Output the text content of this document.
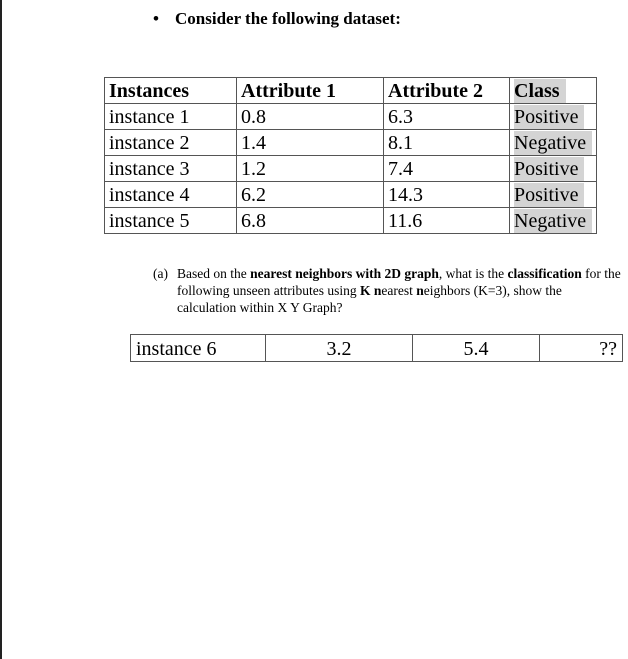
• Consider the following dataset:
Instances	Attribute 1	Attribute 2	Class
instance 1	0.8	6.3	Positive
instance 2	1.4	8.1	Negative
instance 3	1.2	7.4	Positive
instance 4	6.2	14.3	Positive
instance 5	6.8	11.6	Negative
(a) Based on the nearest neighbors with 2D graph, what is the classification for the following unseen attributes using K nearest neighbors (K=3), show the calculation within X Y Graph?
instance 6	3.2	5.4	??
